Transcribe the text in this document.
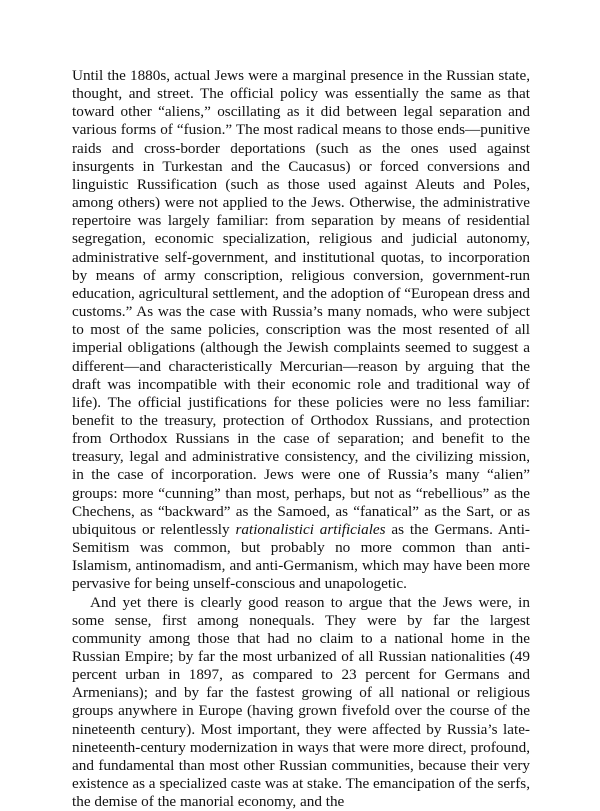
Until the 1880s, actual Jews were a marginal presence in the Russian state, thought, and street. The official policy was essentially the same as that toward other “aliens,” oscillating as it did between legal separation and various forms of “fusion.” The most radical means to those ends—punitive raids and cross-border deportations (such as the ones used against insurgents in Turkestan and the Caucasus) or forced conversions and linguistic Russification (such as those used against Aleuts and Poles, among others) were not applied to the Jews. Otherwise, the administrative repertoire was largely familiar: from separation by means of residential segregation, economic specialization, religious and judicial autonomy, administrative self-government, and institutional quotas, to incorporation by means of army conscription, religious conversion, government-run education, agricultural settlement, and the adoption of “European dress and customs.” As was the case with Russia’s many nomads, who were subject to most of the same policies, conscription was the most resented of all imperial obligations (although the Jewish complaints seemed to suggest a different—and characteristically Mercurian—reason by arguing that the draft was incompatible with their economic role and traditional way of life). The official justifications for these policies were no less familiar: benefit to the treasury, protection of Orthodox Russians, and protection from Orthodox Russians in the case of separation; and benefit to the treasury, legal and administrative consistency, and the civilizing mission, in the case of incorporation. Jews were one of Russia’s many “alien” groups: more “cunning” than most, perhaps, but not as “rebellious” as the Chechens, as “backward” as the Samoed, as “fanatical” as the Sart, or as ubiquitous or relentlessly rationalistici artificiales as the Germans. Anti-Semitism was common, but probably no more common than anti-Islamism, antinomadism, and anti-Germanism, which may have been more pervasive for being unself-conscious and unapologetic.

And yet there is clearly good reason to argue that the Jews were, in some sense, first among nonequals. They were by far the largest community among those that had no claim to a national home in the Russian Empire; by far the most urbanized of all Russian nationalities (49 percent urban in 1897, as compared to 23 percent for Germans and Armenians); and by far the fastest growing of all national or religious groups anywhere in Europe (having grown fivefold over the course of the nineteenth century). Most important, they were affected by Russia’s late-nineteenth-century modernization in ways that were more direct, profound, and fundamental than most other Russian communities, because their very existence as a specialized caste was at stake. The emancipation of the serfs, the demise of the manorial economy, and the
